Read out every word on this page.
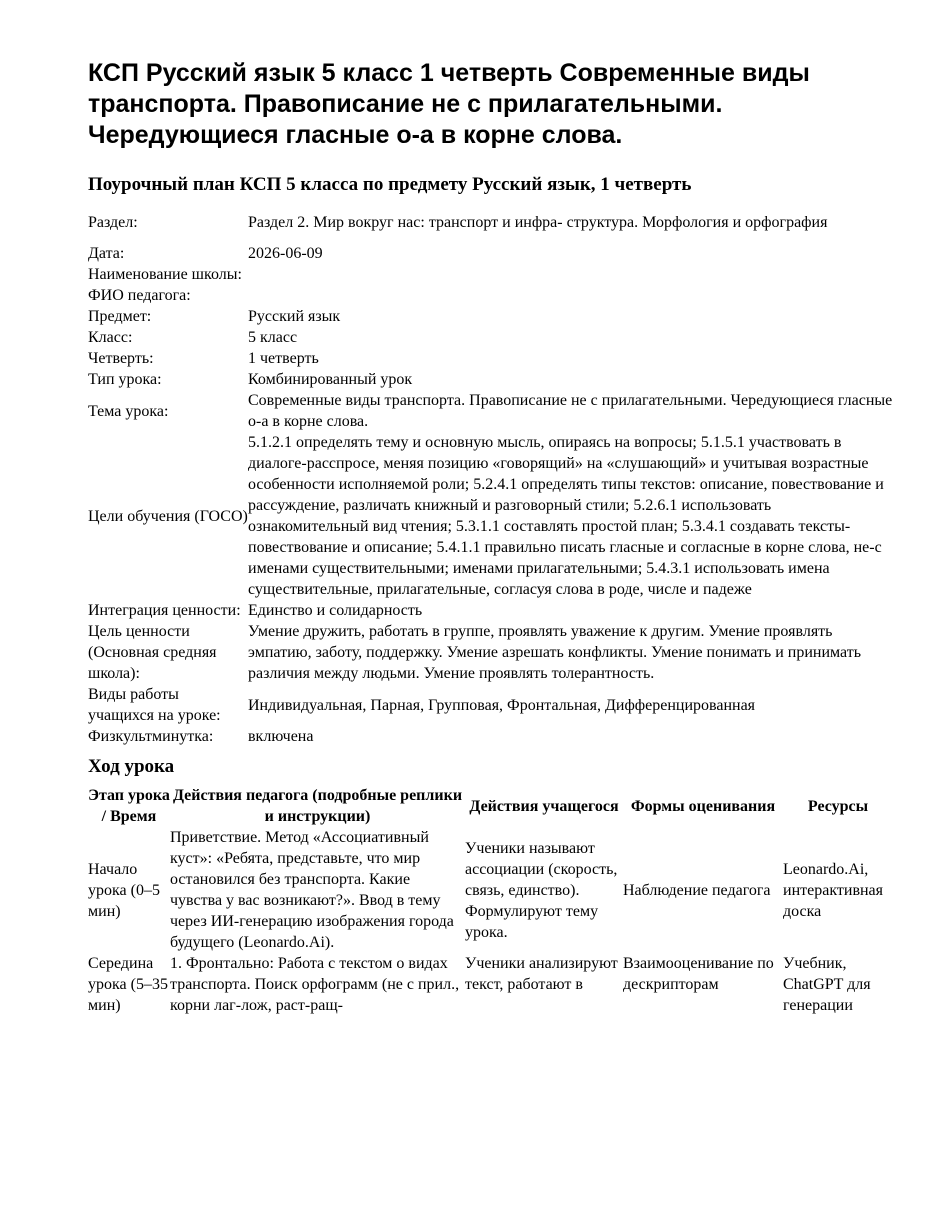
КСП Русский язык 5 класс 1 четверть Современные виды транспорта. Правописание не с прилагательными. Чередующиеся гласные о-а в корне слова.
Поурочный план КСП 5 класса по предмету Русский язык, 1 четверть
Раздел:	Раздел 2. Мир вокруг нас: транспорт и инфра- структура. Морфология и орфография
Дата:	2026-06-09
Наименование школы:	
ФИО педагога:	
Предмет:	Русский язык
Класс:	5 класс
Четверть:	1 четверть
Тип урока:	Комбинированный урок
Тема урока:	Современные виды транспорта. Правописание не с прилагательными. Чередующиеся гласные о-а в корне слова.
Цели обучения (ГОСО)	5.1.2.1 определять тему и основную мысль, опираясь на вопросы; 5.1.5.1 участвовать в диалоге-расспросе, меняя позицию «говорящий» на «слушающий» и учитывая возрастные особенности исполняемой роли; 5.2.4.1 определять типы текстов: описание, повествование и рассуждение, различать книжный и разговорный стили; 5.2.6.1 использовать ознакомительный вид чтения; 5.3.1.1 составлять простой план; 5.3.4.1 создавать тексты- повествование и описание; 5.4.1.1 правильно писать гласные и согласные в корне слова, не-с именами существительными; именами прилагательными; 5.4.3.1 использовать имена существительные, прилагательные, согласуя слова в роде, числе и падеже
Интеграция ценности:	Единство и солидарность
Цель ценности (Основная средняя школа):	Умение дружить, работать в группе, проявлять уважение к другим. Умение проявлять эмпатию, заботу, поддержку. Умение азрешать конфликты. Умение понимать и принимать различия между людьми. Умение проявлять толерантность.
Виды работы учащихся на уроке:	Индивидуальная, Парная, Групповая, Фронтальная, Дифференцированная
Физкультминутка:	включена
Ход урока
Этап урока / Время	Действия педагога (подробные реплики и инструкции)	Действия учащегося	Формы оценивания	Ресурсы
Начало урока (0–5 мин)	Приветствие. Метод «Ассоциативный куст»: «Ребята, представьте, что мир остановился без транспорта. Какие чувства у вас возникают?». Ввод в тему через ИИ-генерацию изображения города будущего (Leonardo.Ai).	Ученики называют ассоциации (скорость, связь, единство). Формулируют тему урока.	Наблюдение педагога	Leonardo.Ai, интерактивная доска
Середина урока (5–35 мин)	1. Фронтально: Работа с текстом о видах транспорта. Поиск орфограмм (не с прил., корни лаг-лож, раст-ращ-	Ученики анализируют текст, работают в	Взаимооценивание по дескрипторам	Учебник, ChatGPT для генерации
